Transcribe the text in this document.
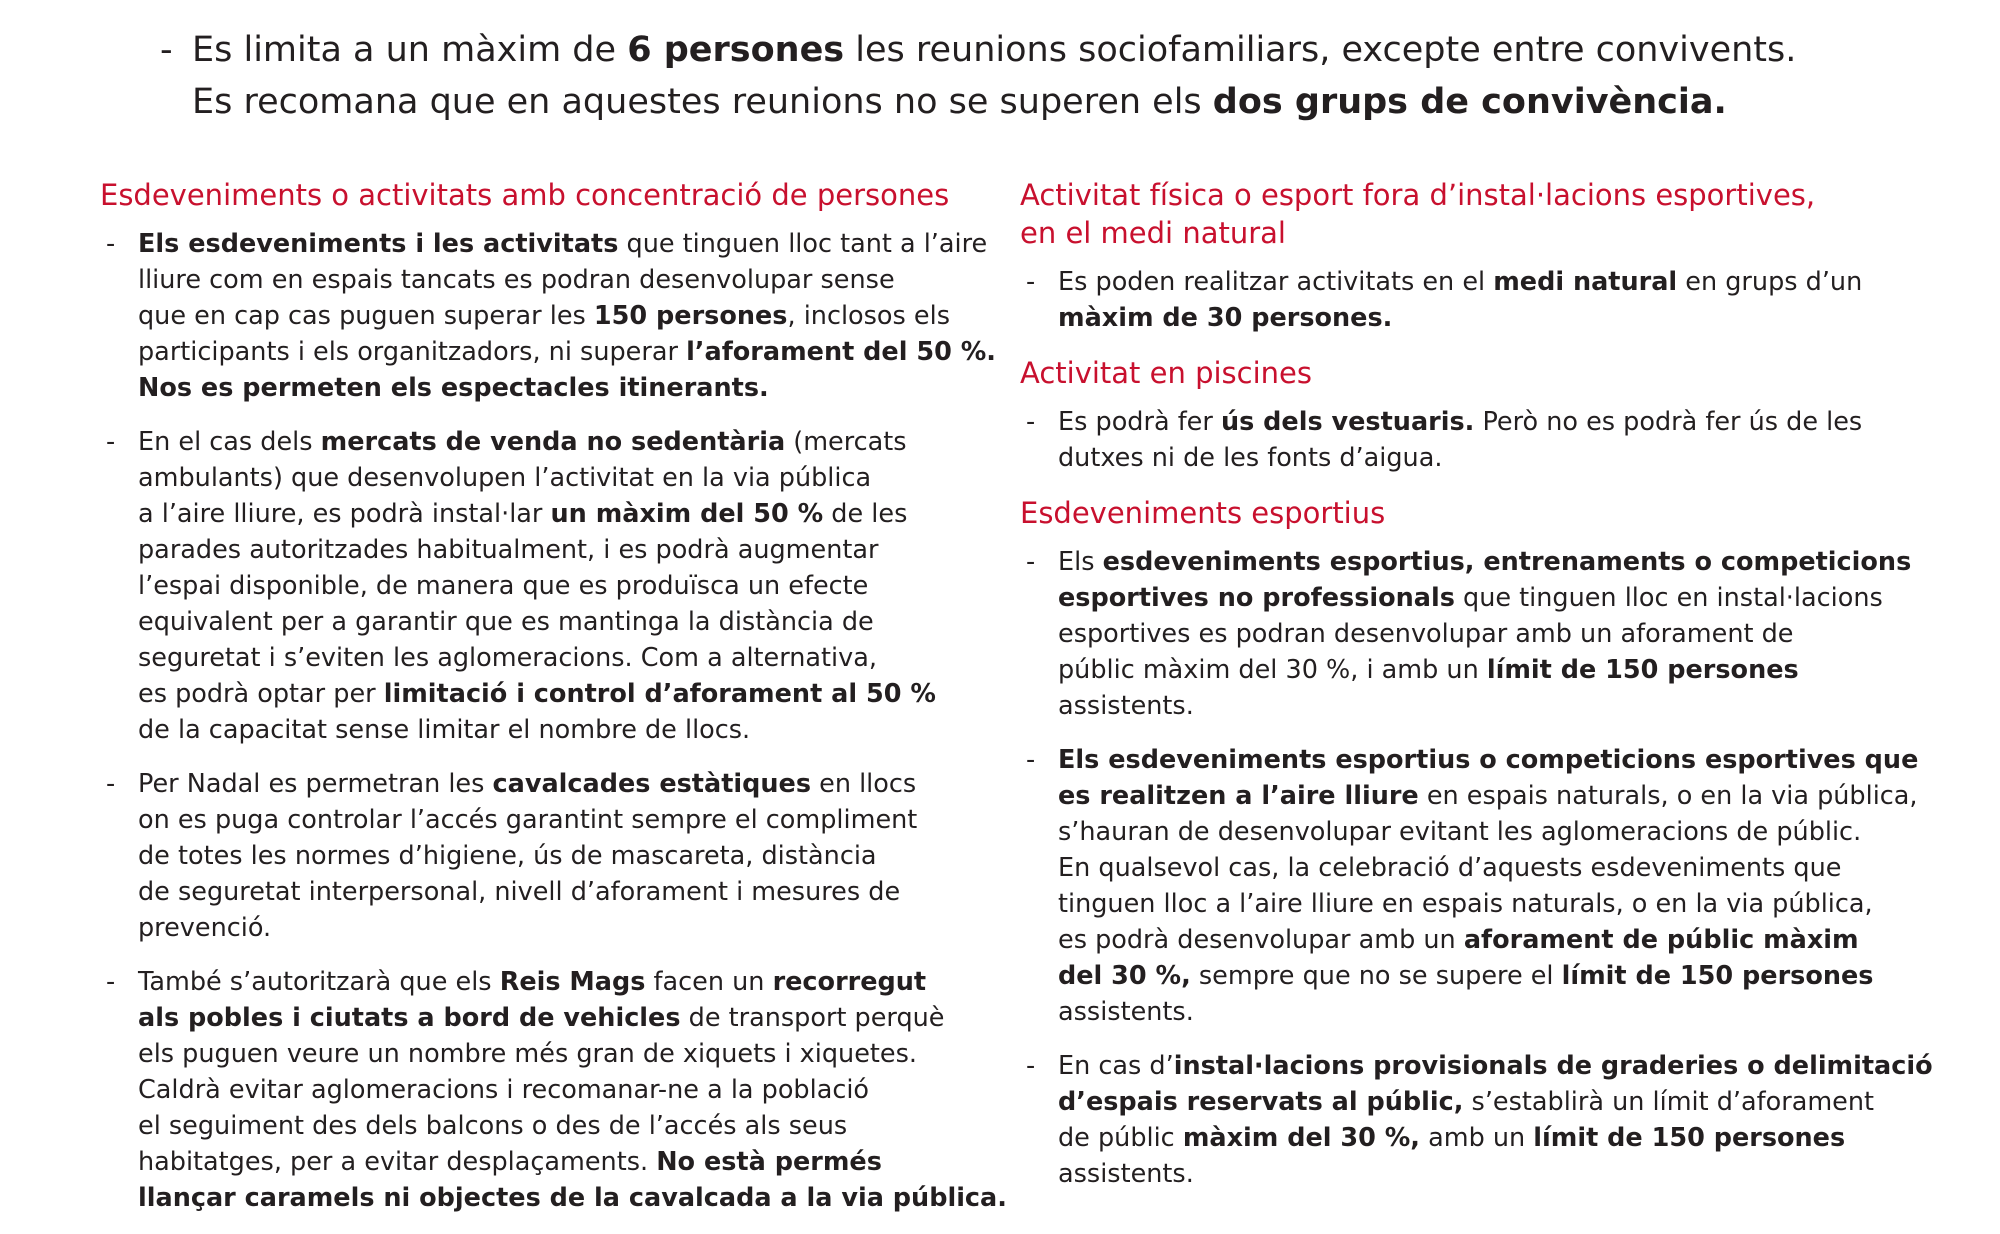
- Es limita a un màxim de 6 persones les reunions sociofamiliars, excepte entre convivents.
Es recomana que en aquestes reunions no se superen els dos grups de convivència.
Esdeveniments o activitats amb concentració de persones
- Els esdeveniments i les activitats que tinguen lloc tant a l’aire
lliure com en espais tancats es podran desenvolupar sense
que en cap cas puguen superar les 150 persones, inclosos els
participants i els organitzadors, ni superar l’aforament del 50 %.
Nos es permeten els espectacles itinerants.
- En el cas dels mercats de venda no sedentària (mercats
ambulants) que desenvolupen l’activitat en la via pública
a l’aire lliure, es podrà instal·lar un màxim del 50 % de les
parades autoritzades habitualment, i es podrà augmentar
l’espai disponible, de manera que es produïsca un efecte
equivalent per a garantir que es mantinga la distància de
seguretat i s’eviten les aglomeracions. Com a alternativa,
es podrà optar per limitació i control d’aforament al 50 %
de la capacitat sense limitar el nombre de llocs.
- Per Nadal es permetran les cavalcades estàtiques en llocs
on es puga controlar l’accés garantint sempre el compliment
de totes les normes d’higiene, ús de mascareta, distància
de seguretat interpersonal, nivell d’aforament i mesures de
prevenció.
- També s’autoritzarà que els Reis Mags facen un recorregut
als pobles i ciutats a bord de vehicles de transport perquè
els puguen veure un nombre més gran de xiquets i xiquetes.
Caldrà evitar aglomeracions i recomanar-ne a la població
el seguiment des dels balcons o des de l’accés als seus
habitatges, per a evitar desplaçaments. No està permés
llançar caramels ni objectes de la cavalcada a la via pública.
Activitat física o esport fora d’instal·lacions esportives,
en el medi natural
- Es poden realitzar activitats en el medi natural en grups d’un
màxim de 30 persones.
Activitat en piscines
- Es podrà fer ús dels vestuaris. Però no es podrà fer ús de les
dutxes ni de les fonts d’aigua.
Esdeveniments esportius
- Els esdeveniments esportius, entrenaments o competicions
esportives no professionals que tinguen lloc en instal·lacions
esportives es podran desenvolupar amb un aforament de
públic màxim del 30 %, i amb un límit de 150 persones
assistents.
- Els esdeveniments esportius o competicions esportives que
es realitzen a l’aire lliure en espais naturals, o en la via pública,
s’hauran de desenvolupar evitant les aglomeracions de públic.
En qualsevol cas, la celebració d’aquests esdeveniments que
tinguen lloc a l’aire lliure en espais naturals, o en la via pública,
es podrà desenvolupar amb un aforament de públic màxim
del 30 %, sempre que no se supere el límit de 150 persones
assistents.
- En cas d’instal·lacions provisionals de graderies o delimitació
d’espais reservats al públic, s’establirà un límit d’aforament
de públic màxim del 30 %, amb un límit de 150 persones
assistents.
